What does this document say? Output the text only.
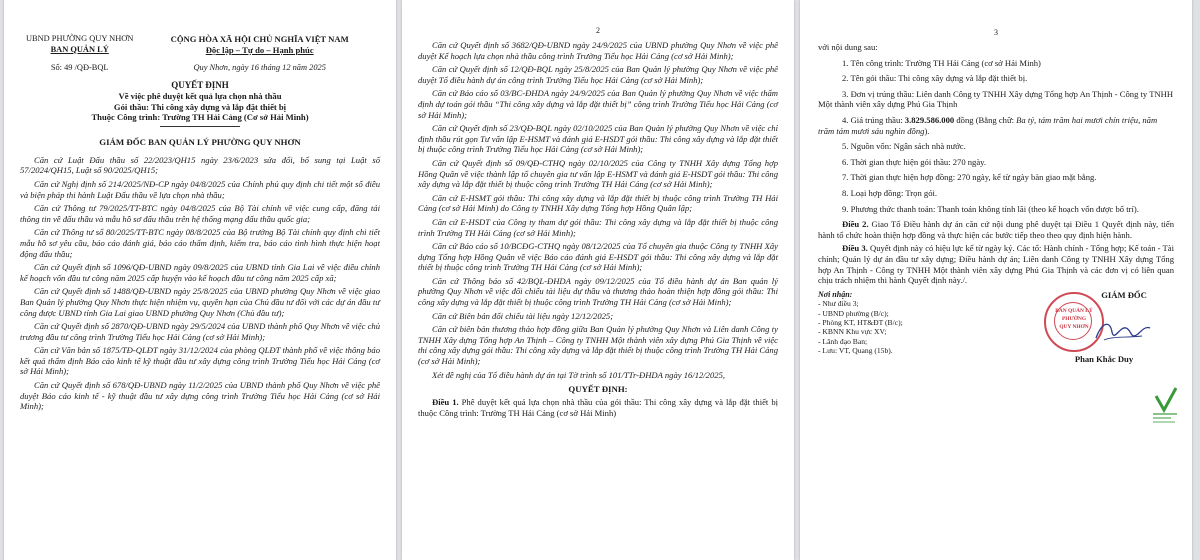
UBND PHƯỜNG QUY NHƠN
BAN QUẢN LÝ
CỘNG HÒA XÃ HỘI CHỦ NGHĨA VIỆT NAM
Độc lập – Tự do – Hạnh phúc
Số: 49 /QĐ-BQL	Quy Nhơn, ngày 16 tháng 12 năm 2025
QUYẾT ĐỊNH
Về việc phê duyệt kết quả lựa chọn nhà thầu
Gói thầu: Thi công xây dựng và lắp đặt thiết bị
Thuộc Công trình: Trường TH Hải Cảng (Cơ sở Hải Minh)
GIÁM ĐỐC BAN QUẢN LÝ PHƯỜNG QUY NHƠN

Căn cứ Luật Đấu thầu số 22/2023/QH15 ngày 23/6/2023 sửa đổi, bổ sung tại Luật số 57/2024/QH15, Luật số 90/2025/QH15;

Căn cứ Nghị định số 214/2025/NĐ-CP ngày 04/8/2025 của Chính phủ quy định chi tiết một số điều và biện pháp thi hành Luật Đấu thầu về lựa chọn nhà thầu;

Căn cứ Thông tư 79/2025/TT-BTC ngày 04/8/2025 của Bộ Tài chính về việc cung cấp, đăng tải thông tin về đấu thầu và mẫu hồ sơ đấu thầu trên hệ thống mạng đấu thầu quốc gia;

Căn cứ Thông tư số 80/2025/TT-BTC ngày 08/8/2025 của Bộ trưởng Bộ Tài chính quy định chi tiết mẫu hồ sơ yêu cầu, báo cáo đánh giá, báo cáo thẩm định, kiểm tra, báo cáo tình hình thực hiện hoạt động đấu thầu;

Căn cứ Quyết định số 1096/QĐ-UBND ngày 09/8/2025 của UBND tỉnh Gia Lai về việc điều chỉnh kế hoạch vốn đầu tư công năm 2025 cấp huyện vào kế hoạch đầu tư công năm 2025 cấp xã;

Căn cứ Quyết định số 1488/QĐ-UBND ngày 25/8/2025 của UBND phường Quy Nhơn về việc giao Ban Quản lý phường Quy Nhơn thực hiện nhiệm vụ, quyền hạn của Chủ đầu tư đối với các dự án đầu tư công được UBND tỉnh Gia Lai giao UBND phường Quy Nhơn (Chủ đầu tư);

Căn cứ Quyết định số 2870/QĐ-UBND ngày 29/5/2024 của UBND thành phố Quy Nhơn về việc chủ trương đầu tư công trình Trường Tiểu học Hải Cảng (cơ sở Hải Minh);

Căn cứ Văn bản số 1875/TĐ-QLĐT ngày 31/12/2024 của phòng QLĐT thành phố về việc thông báo kết quả thẩm định Báo cáo kinh tế kỹ thuật đầu tư xây dựng công trình Trường Tiểu học Hải Cảng (cơ sở Hải Minh);

Căn cứ Quyết định số 678/QĐ-UBND ngày 11/2/2025 của UBND thành phố Quy Nhơn về việc phê duyệt Báo cáo kinh tế - kỹ thuật đầu tư xây dựng công trình Trường Tiểu học Hải Cảng (cơ sở Hải Minh);

2

Căn cứ Quyết định số 3682/QĐ-UBND ngày 24/9/2025 của UBND phường Quy Nhơn về việc phê duyệt Kế hoạch lựa chọn nhà thầu công trình Trường Tiểu học Hải Cảng (cơ sở Hải Minh);

Căn cứ Quyết định số 12/QĐ-BQL ngày 25/8/2025 của Ban Quản lý phường Quy Nhơn về việc phê duyệt Tổ điều hành dự án công trình Trường Tiểu học Hải Cảng (cơ sở Hải Minh);

Căn cứ Báo cáo số 03/BC-ĐHDA ngày 24/9/2025 của Ban Quản lý phường Quy Nhơn về việc thẩm định dự toán gói thầu “Thi công xây dựng và lắp đặt thiết bị” công trình Trường Tiểu học Hải Cảng (cơ sở Hải Minh);

Căn cứ Quyết định số 23/QĐ-BQL ngày 02/10/2025 của Ban Quản lý phường Quy Nhơn về việc chỉ định thầu rút gọn Tư vấn lập E-HSMT và đánh giá E-HSDT gói thầu: Thi công xây dựng và lắp đặt thiết bị thuộc công trình Trường Tiểu học Hải Cảng (cơ sở Hải Minh);

Căn cứ Quyết định số 09/QĐ-CTHQ ngày 02/10/2025 của Công ty TNHH Xây dựng Tổng hợp Hồng Quân về việc thành lập tổ chuyên gia tư vấn lập E-HSMT và đánh giá E-HSDT gói thầu: Thi công xây dựng và lắp đặt thiết bị thuộc công trình Trường TH Hải Cảng (cơ sở Hải Minh);

Căn cứ E-HSMT gói thầu: Thi công xây dựng và lắp đặt thiết bị thuộc công trình Trường TH Hải Cảng (cơ sở Hải Minh) do Công ty TNHH Xây dựng Tổng hợp Hồng Quân lập;

Căn cứ E-HSDT của Công ty tham dự gói thầu: Thi công xây dựng và lắp đặt thiết bị thuộc công trình Trường TH Hải Cảng (cơ sở Hải Minh);

Căn cứ Báo cáo số 10/BCĐG-CTHQ ngày 08/12/2025 của Tổ chuyên gia thuộc Công ty TNHH Xây dựng Tổng hợp Hồng Quân về việc Báo cáo đánh giá E-HSDT gói thầu: Thi công xây dựng và lắp đặt thiết bị thuộc công trình Trường TH Hải Cảng (cơ sở Hải Minh);

Căn cứ Thông báo số 42/BQL-ĐHDA ngày 09/12/2025 của Tổ điều hành dự án Ban quản lý phường Quy Nhơn về việc đối chiếu tài liệu dự thầu và thương thảo hoàn thiện hợp đồng gói thầu: Thi công xây dựng và lắp đặt thiết bị thuộc công trình Trường TH Hải Cảng (cơ sở Hải Minh);

Căn cứ Biên bản đối chiếu tài liệu ngày 12/12/2025;

Căn cứ biên bản thương thảo hợp đồng giữa Ban Quản lý phường Quy Nhơn và Liên danh Công ty TNHH Xây dựng Tổng hợp An Thịnh – Công ty TNHH Một thành viên xây dựng Phú Gia Thịnh về việc thi công xây dựng gói thầu: Thi công xây dựng và lắp đặt thiết bị thuộc công trình Trường TH Hải Cảng (cơ sở Hải Minh);

Xét đề nghị của Tổ điều hành dự án tại Tờ trình số 101/TTr-ĐHDA ngày 16/12/2025,

QUYẾT ĐỊNH:

Điều 1. Phê duyệt kết quả lựa chọn nhà thầu của gói thầu: Thi công xây dựng và lắp đặt thiết bị thuộc Công trình: Trường TH Hải Cảng (cơ sở Hải Minh)

3

với nội dung sau:

1. Tên công trình: Trường TH Hải Cảng (cơ sở Hải Minh)

2. Tên gói thầu: Thi công xây dựng và lắp đặt thiết bị.

3. Đơn vị trúng thầu: Liên danh Công ty TNHH Xây dựng Tổng hợp An Thịnh - Công ty TNHH Một thành viên xây dựng Phú Gia Thịnh

4. Giá trúng thầu: 3.829.586.000 đồng (Bằng chữ: Ba tỷ, tám trăm hai mươi chín triệu, năm trăm tám mươi sáu nghìn đồng).

5. Nguồn vốn: Ngân sách nhà nước.

6. Thời gian thực hiện gói thầu: 270 ngày.

7. Thời gian thực hiện hợp đồng: 270 ngày, kể từ ngày bàn giao mặt bằng.

8. Loại hợp đồng: Trọn gói.

9. Phương thức thanh toán: Thanh toán không tính lãi (theo kế hoạch vốn được bố trí).

Điều 2. Giao Tổ Điều hành dự án căn cứ nội dung phê duyệt tại Điều 1 Quyết định này, tiến hành tổ chức hoàn thiện hợp đồng và thực hiện các bước tiếp theo theo quy định hiện hành.

Điều 3. Quyết định này có hiệu lực kể từ ngày ký. Các tổ: Hành chính - Tổng hợp; Kế toán - Tài chính; Quản lý dự án đầu tư xây dựng; Điều hành dự án; Liên danh Công ty TNHH Xây dựng Tổng hợp An Thịnh - Công ty TNHH Một thành viên xây dựng Phú Gia Thịnh và các đơn vị có liên quan chịu trách nhiệm thi hành Quyết định này./.

Nơi nhận:
- Như điều 3;
- UBND phường (B/c);
- Phòng KT, HT&ĐT (B/c);
- KBNN Khu vực XV;
- Lãnh đạo Ban;
- Lưu: VT, Quang (15b).
GIÁM ĐỐC
BAN QUẢN LÝ
PHƯỜNG
QUY NHƠN
Phan Khắc Duy
